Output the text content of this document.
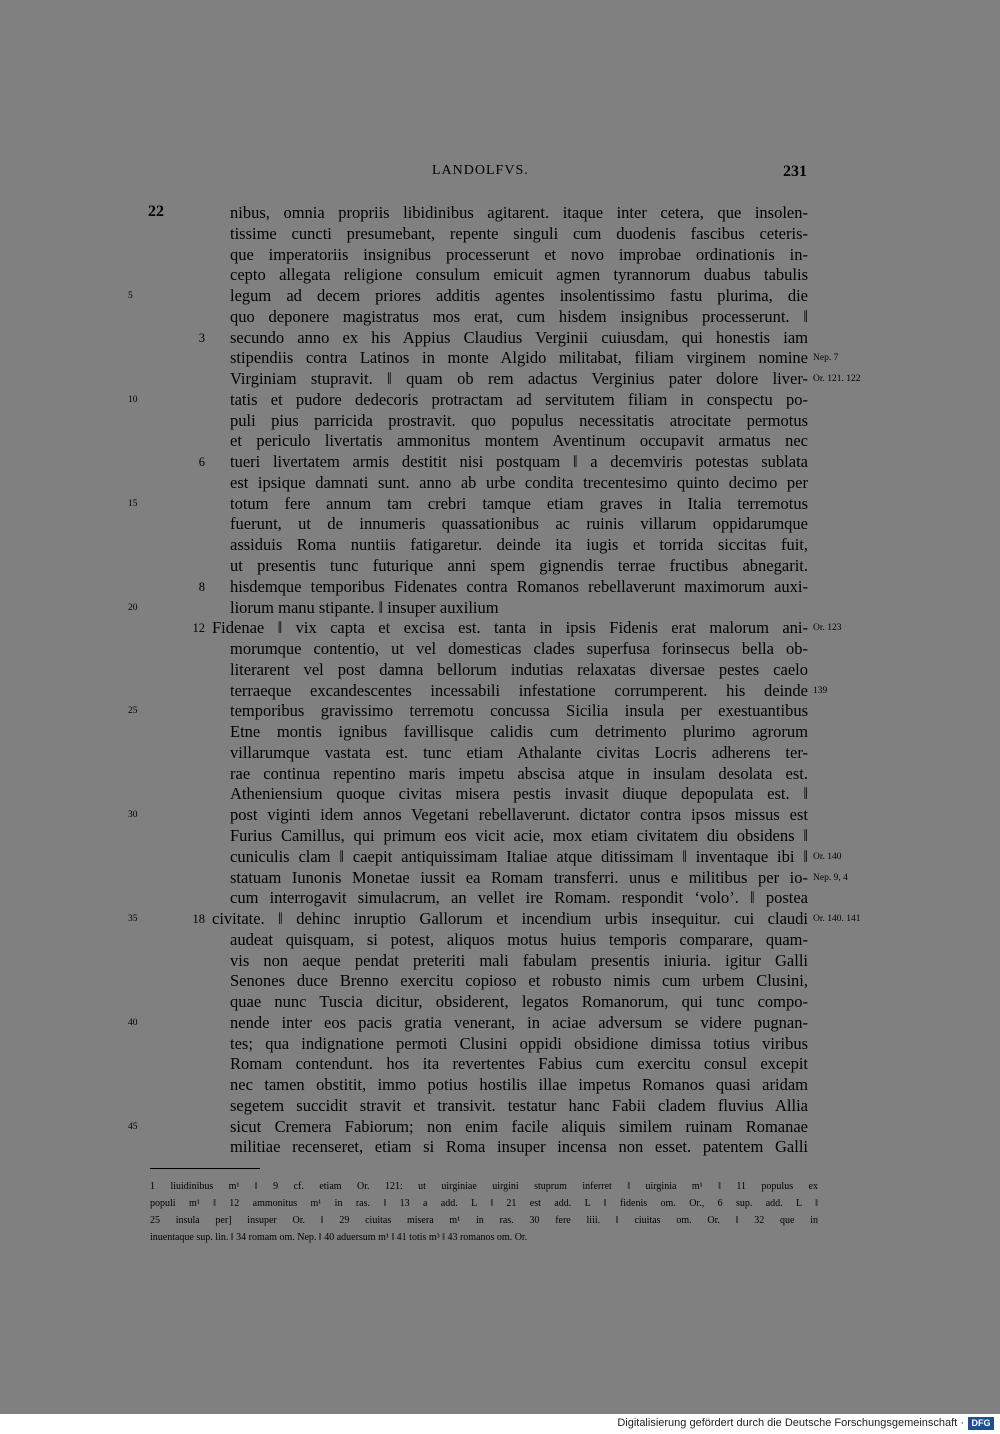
LANDOLFVS.	231
22	nibus, omnia propriis libidinibus agitarent. itaque inter cetera, que insolen-
tissime cuncti presumebant, repente singuli cum duodenis fascibus ceteris-
que imperatoriis insignibus processerunt et novo improbae ordinationis in-
cepto allegata religione consulum emicuit agmen tyrannorum duabus tabulis
5	legum ad decem priores additis agentes insolentissimo fastu plurima, die
quo deponere magistratus mos erat, cum hisdem insignibus processerunt. ‖
3 secundo anno ex his Appius Claudius Verginii cuiusdam, qui honestis iam
stipendiis contra Latinos in monte Algido militabat, filiam virginem nomine Nep. 7
Virginiam stupravit. ‖ quam ob rem adactus Verginius pater dolore liver- Or. 121. 122
10	tatis et pudore dedecoris protractam ad servitutem filiam in conspectu po-
puli pius parricida prostravit. quo populus necessitatis atrocitate permotus
et periculo livertatis ammonitus montem Aventinum occupavit armatus nec
6 tueri livertatem armis destitit nisi postquam ‖ a decemviris potestas sublata
est ipsique damnati sunt. anno ab urbe condita trecentesimo quinto decimo per
15	totum fere annum tam crebri tamque etiam graves in Italia terremotus
fuerunt, ut de innumeris quassationibus ac ruinis villarum oppidarumque
assiduis Roma nuntiis fatigaretur. deinde ita iugis et torrida siccitas fuit,
ut presentis tunc futurique anni spem gignendis terrae fructibus abnegarit.
8 hisdemque temporibus Fidenates contra Romanos rebellaverunt maximorum auxi-
20	liorum manu stipante. ‖ insuper auxilium
12 Fidenae ‖ vix capta et excisa est. tanta in ipsis Fidenis erat malorum ani- Or. 123
morumque contentio, ut vel domesticas clades superfusa forinsecus bella ob-
literarent vel post damna bellorum indutias relaxatas diversae pestes caelo
terraeque excandescentes incessabili infestatione corrumperent. his deinde 139
25	temporibus gravissimo terremotu concussa Sicilia insula per exestuantibus
Etne montis ignibus favillisque calidis cum detrimento plurimo agrorum
villarumque vastata est. tunc etiam Athalante civitas Locris adherens ter-
rae continua repentino maris impetu abscisa atque in insulam desolata est.
Atheniensium quoque civitas misera pestis invasit diuque depopulata est. ‖
30	post viginti idem annos Vegetani rebellaverunt. dictator contra ipsos missus est
Furius Camillus, qui primum eos vicit acie, mox etiam civitatem diu obsidens ‖
cuniculis clam ‖ caepit antiquissimam Italiae atque ditissimam ‖ inventaque ibi ‖ Or. 140
statuam Iunonis Monetae iussit ea Romam transferri. unus e militibus per io- Nep. 9, 4
cum interrogavit simulacrum, an vellet ire Romam. respondit ‘volo’. ‖ postea
35	18 civitate. ‖ dehinc inruptio Gallorum et incendium urbis insequitur. cui claudi Or. 140. 141
audeat quisquam, si potest, aliquos motus huius temporis comparare, quam-
vis non aeque pendat preteriti mali fabulam presentis iniuria. igitur Galli
Senones duce Brenno exercitu copioso et robusto nimis cum urbem Clusini,
quae nunc Tuscia dicitur, obsiderent, legatos Romanorum, qui tunc compo-
40	nende inter eos pacis gratia venerant, in aciae adversum se videre pugnan-
tes; qua indignatione permoti Clusini oppidi obsidione dimissa totius viribus
Romam contendunt. hos ita revertentes Fabius cum exercitu consul excepit
nec tamen obstitit, immo potius hostilis illae impetus Romanos quasi aridam
segetem succidit stravit et transivit. testatur hanc Fabii cladem fluvius Allia
45	sicut Cremera Fabiorum; non enim facile aliquis similem ruinam Romanae
militiae recenseret, etiam si Roma insuper incensa non esset. patentem Galli
1 liuidinibus m¹ ‖ 9 cf. etiam Or. 121: ut uirginiae uirgini stuprum inferret ‖ uirginia m¹ ‖ 11 populus ex
populi m¹ ‖ 12 ammonitus m¹ in ras. ‖ 13 a add. L ‖ 21 est add. L ‖ fidenis om. Or., 6 sup. add. L ‖
25 insula per] insuper Or. ‖ 29 ciuitas misera m¹ in ras. 30 fere liii. ‖ ciuitas om. Or. ‖ 32 que in
inuentaque sup. lin. ‖ 34 romam om. Nep. ‖ 40 aduersum m¹ ‖ 41 totis m³ ‖ 43 romanos om. Or.
Digitalisierung gefördert durch die Deutsche Forschungsgemeinschaft · DFG
